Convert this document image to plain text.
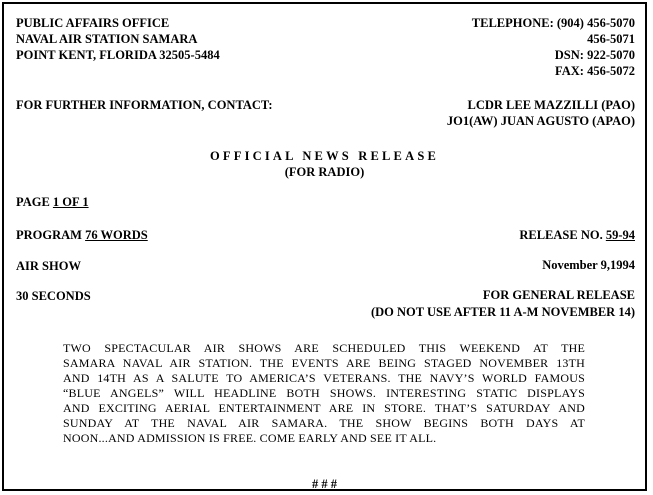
PUBLIC AFFAIRS OFFICE
NAVAL AIR STATION SAMARA
POINT KENT, FLORIDA 32505-5484
TELEPHONE: (904) 456-5070
456-5071
DSN: 922-5070
FAX: 456-5072
FOR FURTHER INFORMATION, CONTACT:	LCDR LEE MAZZILLI (PAO)
JO1(AW) JUAN AGUSTO (APAO)
OFFICIAL NEWS RELEASE
(FOR RADIO)
PAGE 1 OF 1
PROGRAM 76 WORDS	RELEASE NO. 59-94
AIR SHOW	November 9,1994
30 SECONDS	FOR GENERAL RELEASE
(DO NOT USE AFTER 11 A-M NOVEMBER 14)
TWO SPECTACULAR AIR SHOWS ARE SCHEDULED THIS WEEKEND AT THE
SAMARA NAVAL AIR STATION. THE EVENTS ARE BEING STAGED NOVEMBER 13TH
AND 14TH AS A SALUTE TO AMERICA’S VETERANS. THE NAVY’S WORLD FAMOUS
“BLUE ANGELS” WILL HEADLINE BOTH SHOWS. INTERESTING STATIC DISPLAYS
AND EXCITING AERIAL ENTERTAINMENT ARE IN STORE. THAT’S SATURDAY AND
SUNDAY AT THE NAVAL AIR SAMARA. THE SHOW BEGINS BOTH DAYS AT
NOON...AND ADMISSION IS FREE. COME EARLY AND SEE IT ALL.
# # #
